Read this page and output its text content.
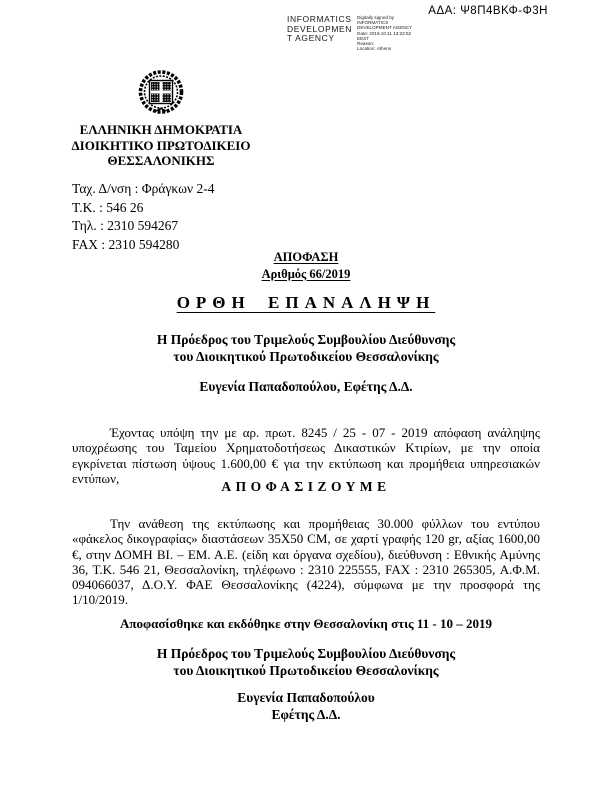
ΑΔΑ: Ψ8Π4ΒΚΦ-Φ3Η
INFORMATICS
DEVELOPMEN
T AGENCY
Digitally signed by
INFORMATICS
DEVELOPMENT AGENCY
Date: 2019.10.11 13:22:52
EEST
Reason:
Location: Athens
ΕΛΛΗΝΙΚΗ ΔΗΜΟΚΡΑΤΙΑ
ΔΙΟΙΚΗΤΙΚΟ ΠΡΩΤΟΔΙΚΕΙΟ
ΘΕΣΣΑΛΟΝΙΚΗΣ
Ταχ. Δ/νση : Φράγκων 2-4
Τ.Κ. : 546 26
Τηλ. : 2310 594267
FAX : 2310 594280
ΑΠΟΦΑΣΗ
Αριθμός 66/2019
ΟΡΘΗ ΕΠΑΝΑΛΗΨΗ
Η Πρόεδρος του Τριμελούς Συμβουλίου Διεύθυνσης
του Διοικητικού Πρωτοδικείου Θεσσαλονίκης
Ευγενία Παπαδοπούλου, Εφέτης Δ.Δ.

Έχοντας υπόψη την με αρ. πρωτ. 8245 / 25 - 07 - 2019 απόφαση ανάληψης υποχρέωσης του Ταμείου Χρηματοδοτήσεως Δικαστικών Κτιρίων, με την οποία εγκρίνεται πίστωση ύψους 1.600,00 € για την εκτύπωση και προμήθεια υπηρεσιακών εντύπων,

ΑΠΟΦΑΣΙΖΟΥΜΕ

Την ανάθεση της εκτύπωσης και προμήθειας 30.000 φύλλων του εντύπου «φάκελος δικογραφίας» διαστάσεων 35Χ50 CM, σε χαρτί γραφής 120 gr, αξίας 1600,00 €, στην ΔΟΜΗ ΒΙ. – ΕΜ. Α.Ε. (είδη και όργανα σχεδίου), διεύθυνση : Εθνικής Αμύνης 36, Τ.Κ. 546 21, Θεσσαλονίκη, τηλέφωνο : 2310 225555, FAX : 2310 265305, Α.Φ.Μ. 094066037, Δ.Ο.Υ. ΦΑΕ Θεσσαλονίκης (4224), σύμφωνα με την προσφορά της 1/10/2019.

Αποφασίσθηκε και εκδόθηκε στην Θεσσαλονίκη στις 11 - 10 – 2019
Η Πρόεδρος του Τριμελούς Συμβουλίου Διεύθυνσης
του Διοικητικού Πρωτοδικείου Θεσσαλονίκης
Ευγενία Παπαδοπούλου
Εφέτης Δ.Δ.
